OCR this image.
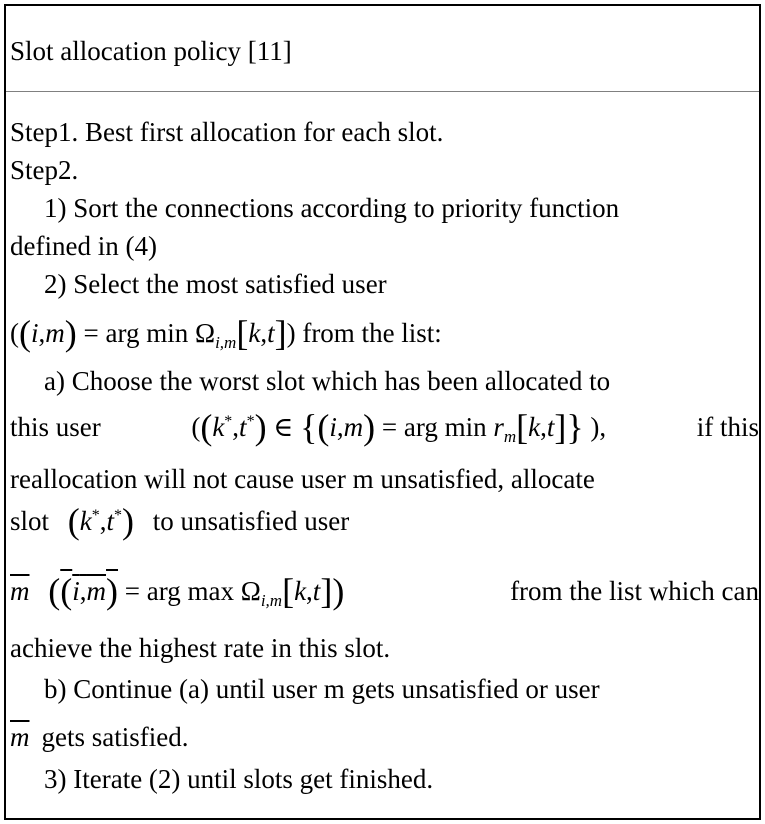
Slot allocation policy [11]
Step1. Best first allocation for each slot.
Step2.
1) Sort the connections according to priority function
defined in (4)
2) Select the most satisfied user
((i,m) = arg $\min \Omega_{i,m}[k,t]$) from the list:
a) Choose the worst slot which has been allocated to
this user	((k*,t*) ∈ {(i,m) = arg $\min r_m[k,t]$} ),	if this
reallocation will not cause user m unsatisfied, allocate
slot (k*,t*) to unsatisfied user
$\overline{m}$ ((i,m) = arg $\max \Omega_{i,m}[k,t]$)	from the list which can
achieve the highest rate in this slot.
b) Continue (a) until user m gets unsatisfied or user
$\overline{m}$ gets satisfied.
3) Iterate (2) until slots get finished.
